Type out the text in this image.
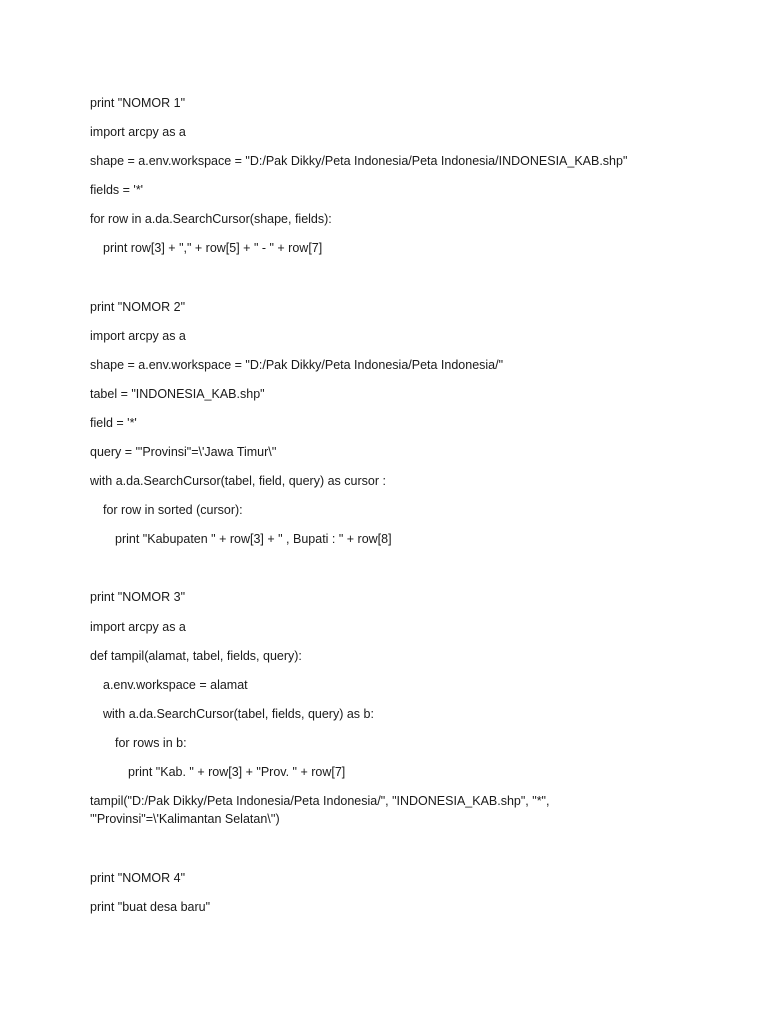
print "NOMOR 1"
import arcpy as a
shape = a.env.workspace = "D:/Pak Dikky/Peta Indonesia/Peta Indonesia/INDONESIA_KAB.shp"
fields = '*'
for row in a.da.SearchCursor(shape, fields):
print row[3] + "," + row[5] + " - " + row[7]
print "NOMOR 2"
import arcpy as a
shape = a.env.workspace = "D:/Pak Dikky/Peta Indonesia/Peta Indonesia/"
tabel = "INDONESIA_KAB.shp"
field = '*'
query = '"Provinsi"=\'Jawa Timur\''
with a.da.SearchCursor(tabel, field, query) as cursor :
for row in sorted (cursor):
print "Kabupaten " + row[3] + " , Bupati : " + row[8]
print "NOMOR 3"
import arcpy as a
def tampil(alamat, tabel, fields, query):
a.env.workspace = alamat
with a.da.SearchCursor(tabel, fields, query) as b:
for rows in b:
print "Kab. " + row[3] + "Prov. " + row[7]
tampil("D:/Pak Dikky/Peta Indonesia/Peta Indonesia/", "INDONESIA_KAB.shp", "*",
'"Provinsi"=\'Kalimantan Selatan\'')
print "NOMOR 4"
print "buat desa baru"
